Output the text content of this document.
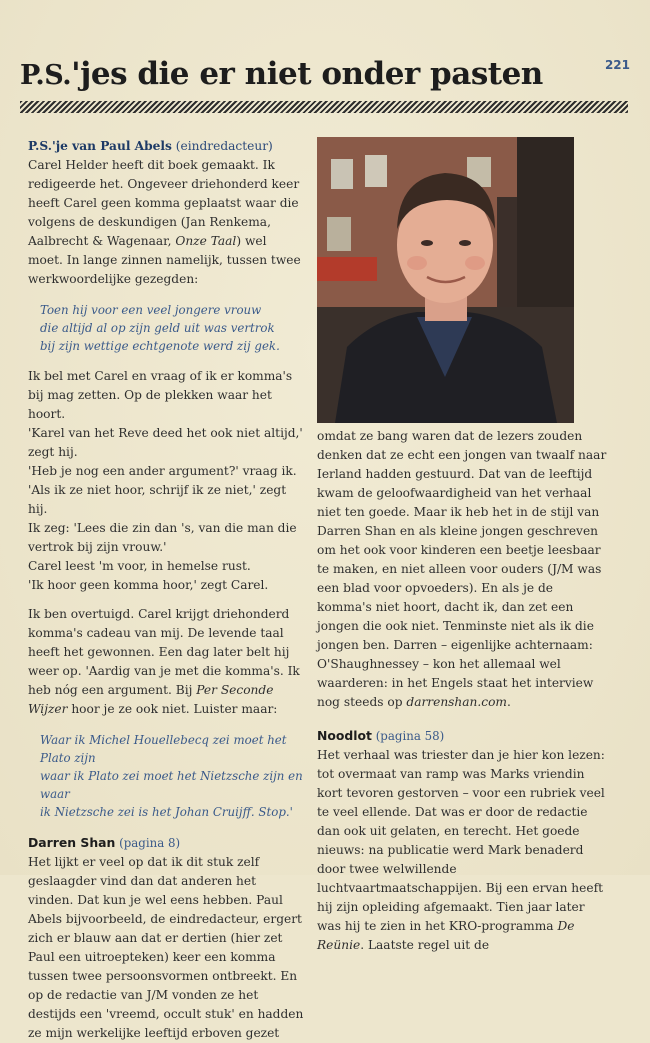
221
P.S.'jes die er niet onder pasten

P.S.'je van Paul Abels (eindredacteur)

Carel Helder heeft dit boek gemaakt. Ik redigeerde het. Ongeveer driehonderd keer heeft Carel geen komma geplaatst waar die volgens de deskundigen (Jan Renkema, Aalbrecht & Wagenaar, Onze Taal) wel moet. In lange zinnen namelijk, tussen twee werkwoordelijke gezegden:

Toen hij voor een veel jongere vrouw

die altijd al op zijn geld uit was vertrok

bij zijn wettige echtgenote werd zij gek.

Ik bel met Carel en vraag of ik er komma's bij mag zetten. Op de plekken waar het hoort.

'Karel van het Reve deed het ook niet altijd,' zegt hij.

'Heb je nog een ander argument?' vraag ik.

'Als ik ze niet hoor, schrijf ik ze niet,' zegt hij.

Ik zeg: 'Lees die zin dan 's, van die man die vertrok bij zijn vrouw.'

Carel leest 'm voor, in hemelse rust.

'Ik hoor geen komma hoor,' zegt Carel.

Ik ben overtuigd. Carel krijgt driehonderd komma's cadeau van mij. De levende taal heeft het gewonnen. Een dag later belt hij weer op. 'Aardig van je met die komma's. Ik heb nóg een argument. Bij Per Seconde Wijzer hoor je ze ook niet. Luister maar:

Waar ik Michel Houellebecq zei moet het Plato zijn

waar ik Plato zei moet het Nietzsche zijn en waar

ik Nietzsche zei is het Johan Cruijff. Stop.'

Darren Shan (pagina 8)

Het lijkt er veel op dat ik dit stuk zelf geslaagder vind dan dat anderen het vinden. Dat kun je wel eens hebben. Paul Abels bijvoorbeeld, de eindredacteur, ergert zich er blauw aan dat er dertien (hier zet Paul een uitroepteken) keer een komma tussen twee persoonsvormen ontbreekt. En op de redactie van J/M vonden ze het destijds een 'vreemd, occult stuk' en hadden ze mijn werkelijke leeftijd erboven gezet

omdat ze bang waren dat de lezers zouden denken dat ze echt een jongen van twaalf naar Ierland hadden gestuurd. Dat van de leeftijd kwam de geloofwaardigheid van het verhaal niet ten goede. Maar ik heb het in de stijl van Darren Shan en als kleine jongen geschreven om het ook voor kinderen een beetje leesbaar te maken, en niet alleen voor ouders (J/M was een blad voor opvoeders). En als je de komma's niet hoort, dacht ik, dan zet een jongen die ook niet. Tenminste niet als ik die jongen ben. Darren – eigenlijke achternaam: O'Shaughnessey – kon het allemaal wel waarderen: in het Engels staat het interview nog steeds op darrenshan.com.

Noodlot (pagina 58)

Het verhaal was triester dan je hier kon lezen: tot overmaat van ramp was Marks vriendin kort tevoren gestorven – voor een rubriek veel te veel ellende. Dat was er door de redactie dan ook uit gelaten, en terecht. Het goede nieuws: na publicatie werd Mark benaderd door twee welwillende luchtvaartmaatschappijen. Bij een ervan heeft hij zijn opleiding afgemaakt. Tien jaar later was hij te zien in het KRO-programma De Reünie. Laatste regel uit de
